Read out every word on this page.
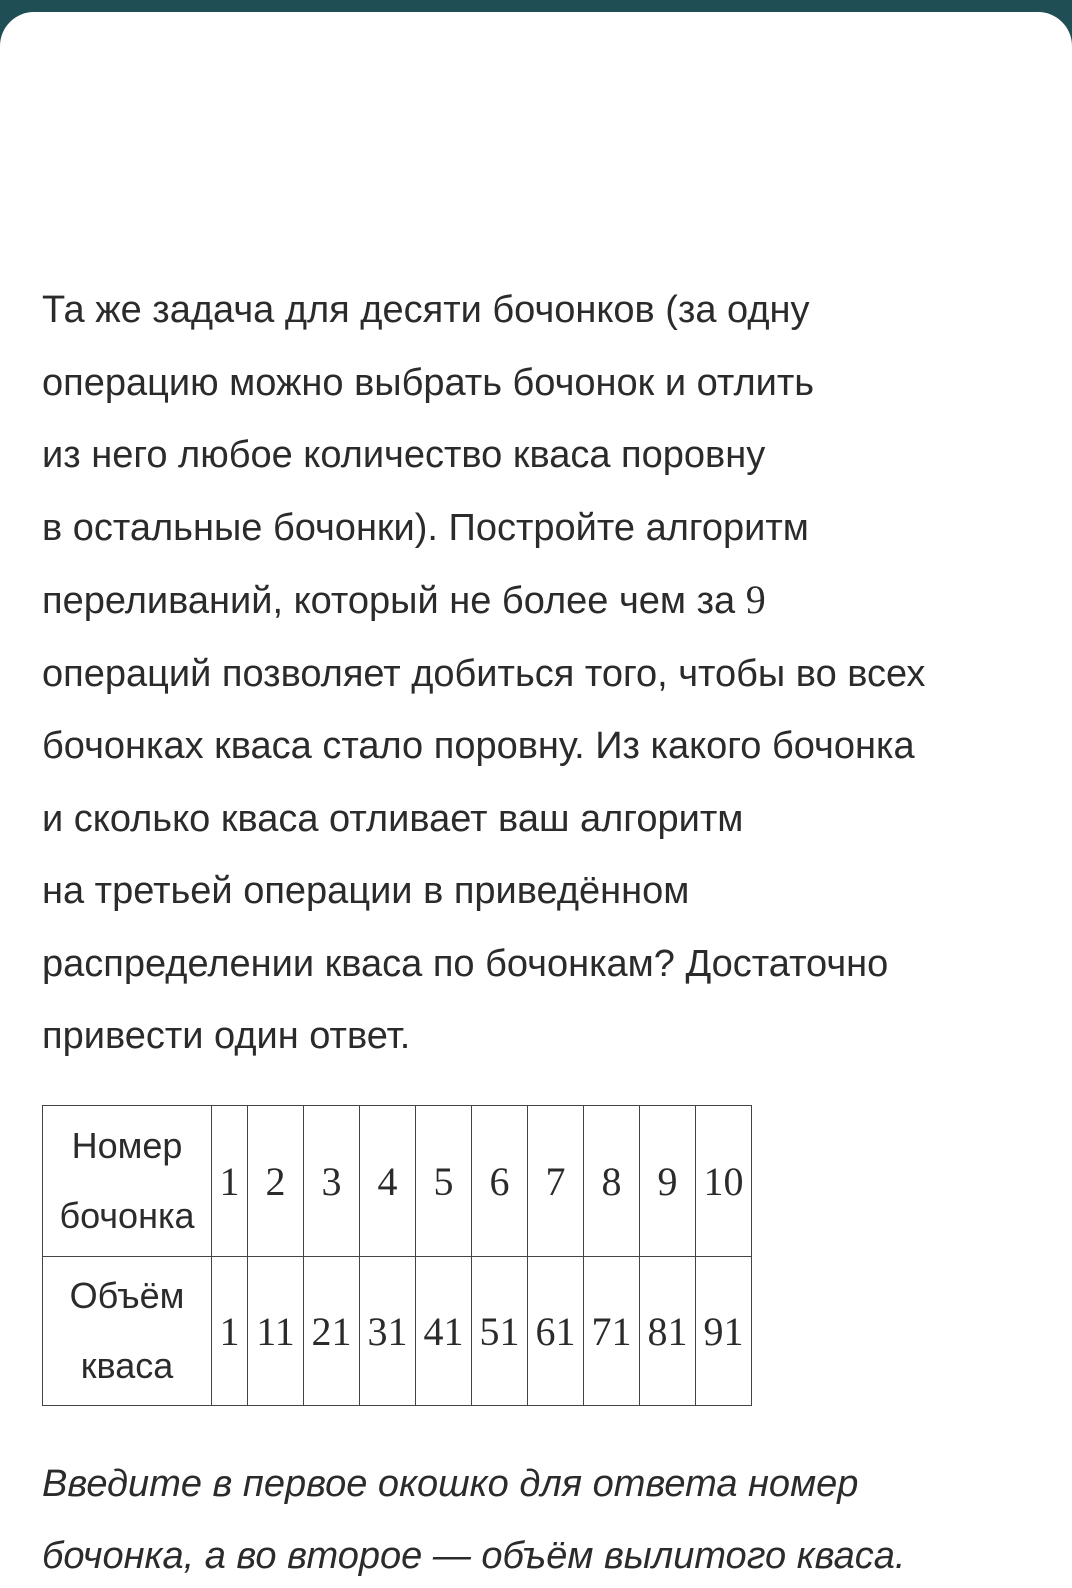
Та же задача для десяти бочонков (за одну
операцию можно выбрать бочонок и отлить
из него любое количество кваса поровну
в остальные бочонки). Постройте алгоритм
переливаний, который не более чем за 9
операций позволяет добиться того, чтобы во всех
бочонках кваса стало поровну. Из какого бочонка
и сколько кваса отливает ваш алгоритм
на третьей операции в приведённом
распределении кваса по бочонкам? Достаточно
привести один ответ.

Номер
бочонка	1	2	3	4	5	6	7	8	9	10

Объём
кваса	1	11	21	31	41	51	61	71	81	91

Введите в первое окошко для ответа номер
бочонка, а во второе — объём вылитого кваса.
